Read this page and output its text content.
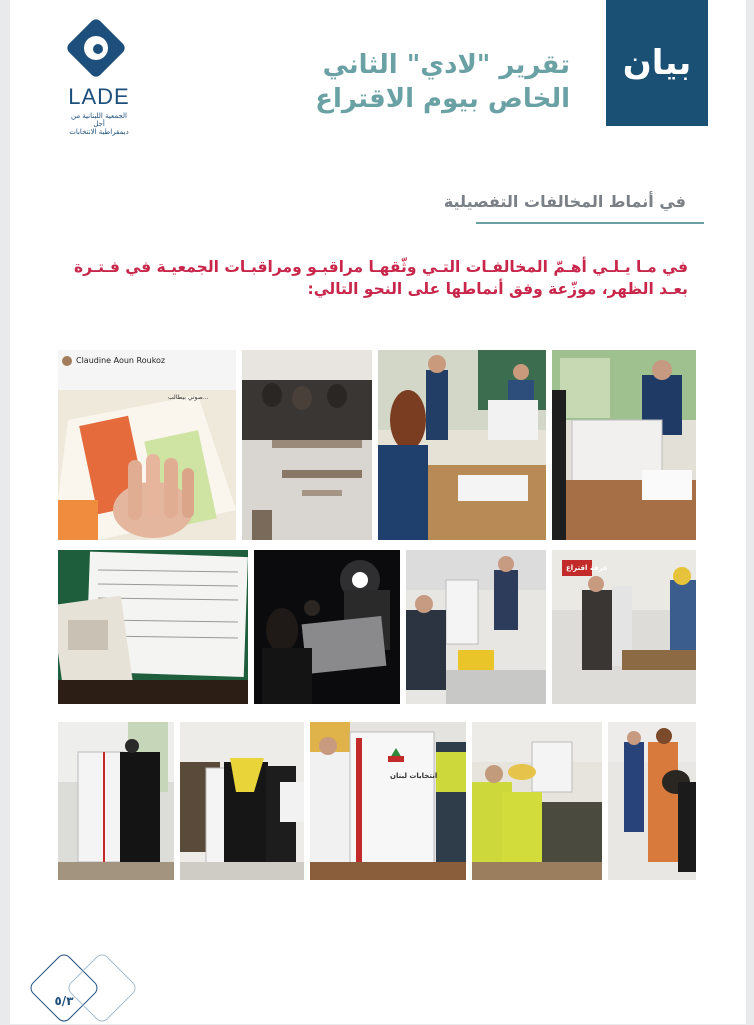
LADE
الجمعية اللبنانية من أجل
ديمقراطية الانتخابات
بيان
تقرير "لادي" الثاني
الخاص بيوم الاقتراع
في أنماط المخالفات التفصيلية
في مـا يـلـي أهـمّ المخالفـات التـي وثّقهـا مراقبـو ومراقبـات الجمعيـة في فـتـرة بعـد الظهر، موزّعة وفق أنماطها على النحو التالي:
Claudine Aoun Roukoz
صوتي بيطالب...
غرفة اقتراع
انتخابات لبنان
٥/٣
